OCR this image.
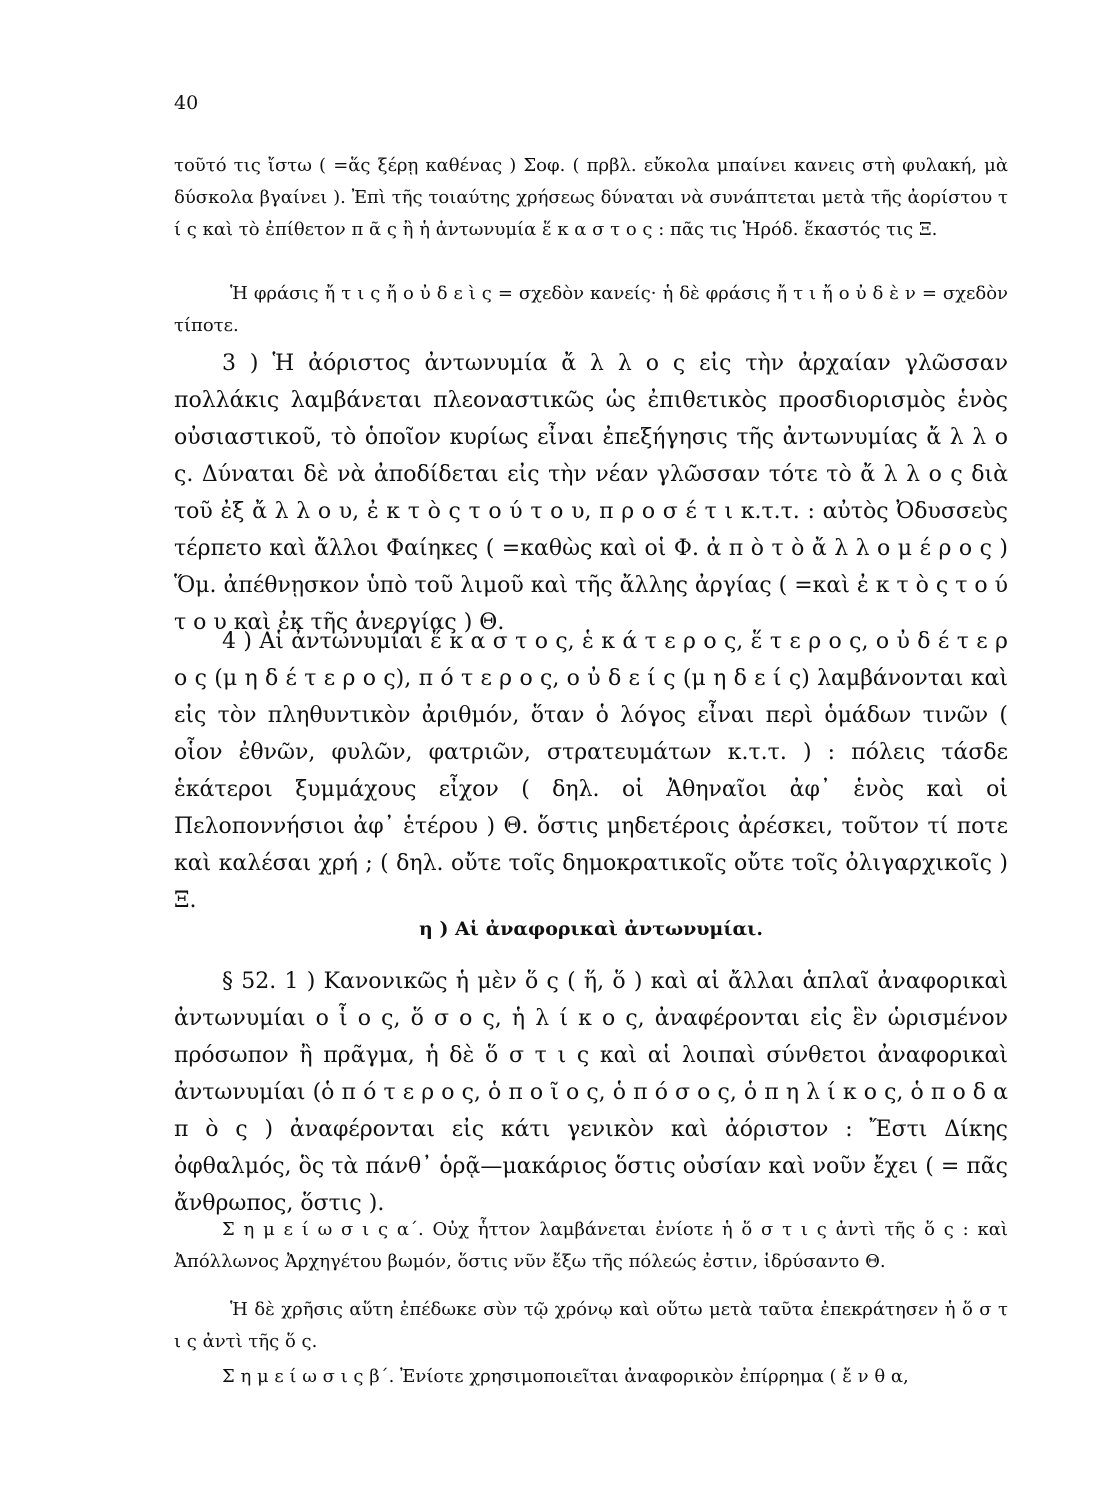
40

τοῦτό τις ἴστω ( =ἅς ξέρῃ καθένας ) Σοφ. ( πρβλ. εὔκολα μπαίνει κανεις στὴ φυλακή, μὰ δύσκολα βγαίνει ). Ἐπὶ τῆς τοιαύτης χρήσεως δύναται νὰ συνάπτεται μετὰ τῆς ἀορίστου τ ί ς καὶ τὸ ἐπίθετον π ᾶ ς ἢ ἡ ἀντωνυμία ἕ κ α σ τ ο ς : πᾶς τις Ἡρόδ. ἕκαστός τις Ξ.

Ἡ φράσις ἤ τ ι ς ἤ ο ὐ δ ε ὶ ς = σχεδὸν κανείς· ἡ δὲ φράσις ἤ τ ι ἤ ο ὐ δ ὲ ν = σχεδὸν τίποτε.

3 ) Ἡ ἀόριστος ἀντωνυμία ἄ λ λ ο ς εἰς τὴν ἀρχαίαν γλῶσσαν πολλάκις λαμβάνεται πλεοναστικῶς ὡς ἐπιθετικὸς προσδιορισμὸς ἑνὸς οὐσιαστικοῦ, τὸ ὁποῖον κυρίως εἶναι ἐπεξήγησις τῆς ἀντωνυμίας ἄ λ λ ο ς. Δύναται δὲ νὰ ἀποδίδεται εἰς τὴν νέαν γλῶσσαν τότε τὸ ἄ λ λ ο ς διὰ τοῦ ἐξ ἄ λ λ ο υ, ἐ κ τ ὸ ς τ ο ύ τ ο υ, π ρ ο σ έ τ ι κ.τ.τ. : αὐτὸς Ὀδυσσεὺς τέρπετο καὶ ἄλλοι Φαίηκες ( =καθὼς καὶ οἱ Φ. ἀ π ὸ τ ὸ ἄ λ λ ο μ έ ρ ο ς ) Ὅμ. ἀπέθνῃσκον ὑπὸ τοῦ λιμοῦ καὶ τῆς ἄλλης ἀργίας ( =καὶ ἐ κ τ ὸ ς τ ο ύ τ ο υ καὶ ἐκ τῆς ἀνεργίας ) Θ.

4 ) Αἱ ἀντωνυμίαι ἕ κ α σ τ ο ς, ἑ κ ά τ ε ρ ο ς, ἕ τ ε ρ ο ς, ο ὐ δ έ τ ε ρ ο ς (μ η δ έ τ ε ρ ο ς), π ό τ ε ρ ο ς, ο ὐ δ ε ί ς (μ η δ ε ί ς) λαμβάνονται καὶ εἰς τὸν πληθυντικὸν ἀριθμόν, ὅταν ὁ λόγος εἶναι περὶ ὁμάδων τινῶν ( οἷον ἐθνῶν, φυλῶν, φατριῶν, στρατευμάτων κ.τ.τ. ) : πόλεις τάσδε ἑκάτεροι ξυμμάχους εἶχον ( δηλ. οἱ Ἀθηναῖοι ἀφ᾽ ἑνὸς καὶ οἱ Πελοποννήσιοι ἀφ᾽ ἑτέρου ) Θ. ὅστις μηδετέροις ἀρέσκει, τοῦτον τί ποτε καὶ καλέσαι χρή ; ( δηλ. οὔτε τοῖς δημοκρατικοῖς οὔτε τοῖς ὀλιγαρχικοῖς ) Ξ.

η ) Αἱ ἀναφορικαὶ ἀντωνυμίαι.

§ 52. 1 ) Κανονικῶς ἡ μὲν ὅ ς ( ἥ, ὅ ) καὶ αἱ ἄλλαι ἁπλαῖ ἀναφορικαὶ ἀντωνυμίαι ο ἷ ο ς, ὅ σ ο ς, ἡ λ ί κ ο ς, ἀναφέρονται εἰς ἓν ὡρισμένον πρόσωπον ἢ πρᾶγμα, ἡ δὲ ὅ σ τ ι ς καὶ αἱ λοιπαὶ σύνθετοι ἀναφορικαὶ ἀντωνυμίαι (ὁ π ό τ ε ρ ο ς, ὁ π ο ῖ ο ς, ὁ π ό σ ο ς, ὁ π η λ ί κ ο ς, ὁ π ο δ α π ὸ ς ) ἀναφέρονται εἰς κάτι γενικὸν καὶ ἀόριστον : Ἔστι Δίκης ὀφθαλμός, ὃς τὰ πάνθ᾽ ὁρᾷ—μακάριος ὅστις οὐσίαν καὶ νοῦν ἔχει ( = πᾶς ἄνθρωπος, ὅστις ).

Σ η μ ε ί ω σ ι ς α΄. Οὐχ ἧττον λαμβάνεται ἐνίοτε ἡ ὅ σ τ ι ς ἀντὶ τῆς ὅ ς : καὶ Ἀπόλλωνος Ἀρχηγέτου βωμόν, ὅστις νῦν ἔξω τῆς πόλεώς ἐστιν, ἱδρύσαντο Θ.

Ἡ δὲ χρῆσις αὕτη ἐπέδωκε σὺν τῷ χρόνῳ καὶ οὕτω μετὰ ταῦτα ἐπεκράτησεν ἡ ὅ σ τ ι ς ἀντὶ τῆς ὅ ς.

Σ η μ ε ί ω σ ι ς β΄. Ἐνίοτε χρησιμοποιεῖται ἀναφορικὸν ἐπίρρημα ( ἔ ν θ α,
